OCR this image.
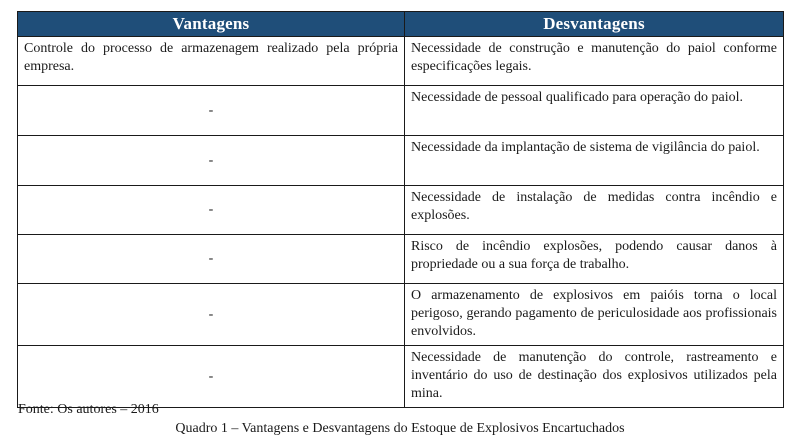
Vantagens	Desvantagens
Controle do processo de armazenagem realizado pela própria empresa.	Necessidade de construção e manutenção do paiol conforme especificações legais.
-	Necessidade de pessoal qualificado para operação do paiol.
-	Necessidade da implantação de sistema de vigilância do paiol.
-	Necessidade de instalação de medidas contra incêndio e explosões.
-	Risco de incêndio explosões, podendo causar danos à propriedade ou a sua força de trabalho.
-	O armazenamento de explosivos em paióis torna o local perigoso, gerando pagamento de periculosidade aos profissionais envolvidos.
-	Necessidade de manutenção do controle, rastreamento e inventário do uso de destinação dos explosivos utilizados pela mina.
Fonte: Os autores – 2016
Quadro 1 – Vantagens e Desvantagens do Estoque de Explosivos Encartuchados
